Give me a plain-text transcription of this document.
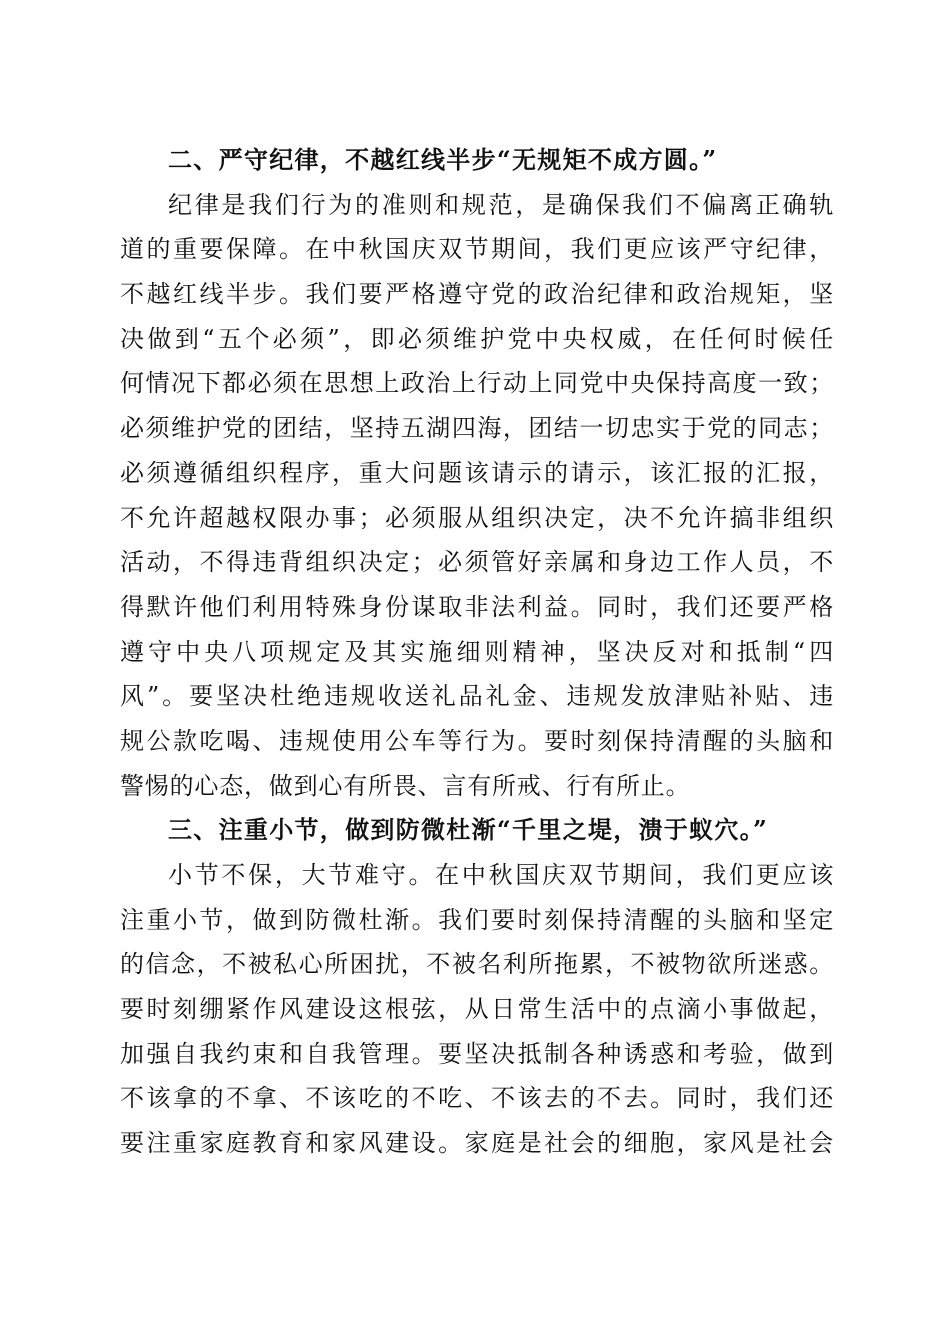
二、严守纪律，不越红线半步“无规矩不成方圆。”
纪律是我们行为的准则和规范，是确保我们不偏离正确轨
道的重要保障。在中秋国庆双节期间，我们更应该严守纪律，
不越红线半步。我们要严格遵守党的政治纪律和政治规矩，坚
决做到“五个必须”，即必须维护党中央权威，在任何时候任
何情况下都必须在思想上政治上行动上同党中央保持高度一致；
必须维护党的团结，坚持五湖四海，团结一切忠实于党的同志；
必须遵循组织程序，重大问题该请示的请示，该汇报的汇报，
不允许超越权限办事；必须服从组织决定，决不允许搞非组织
活动，不得违背组织决定；必须管好亲属和身边工作人员，不
得默许他们利用特殊身份谋取非法利益。同时，我们还要严格
遵守中央八项规定及其实施细则精神，坚决反对和抵制“四
风”。要坚决杜绝违规收送礼品礼金、违规发放津贴补贴、违
规公款吃喝、违规使用公车等行为。要时刻保持清醒的头脑和
警惕的心态，做到心有所畏、言有所戒、行有所止。
三、注重小节，做到防微杜渐“千里之堤，溃于蚁穴。”
小节不保，大节难守。在中秋国庆双节期间，我们更应该
注重小节，做到防微杜渐。我们要时刻保持清醒的头脑和坚定
的信念，不被私心所困扰，不被名利所拖累，不被物欲所迷惑。
要时刻绷紧作风建设这根弦，从日常生活中的点滴小事做起，
加强自我约束和自我管理。要坚决抵制各种诱惑和考验，做到
不该拿的不拿、不该吃的不吃、不该去的不去。同时，我们还
要注重家庭教育和家风建设。家庭是社会的细胞，家风是社会
